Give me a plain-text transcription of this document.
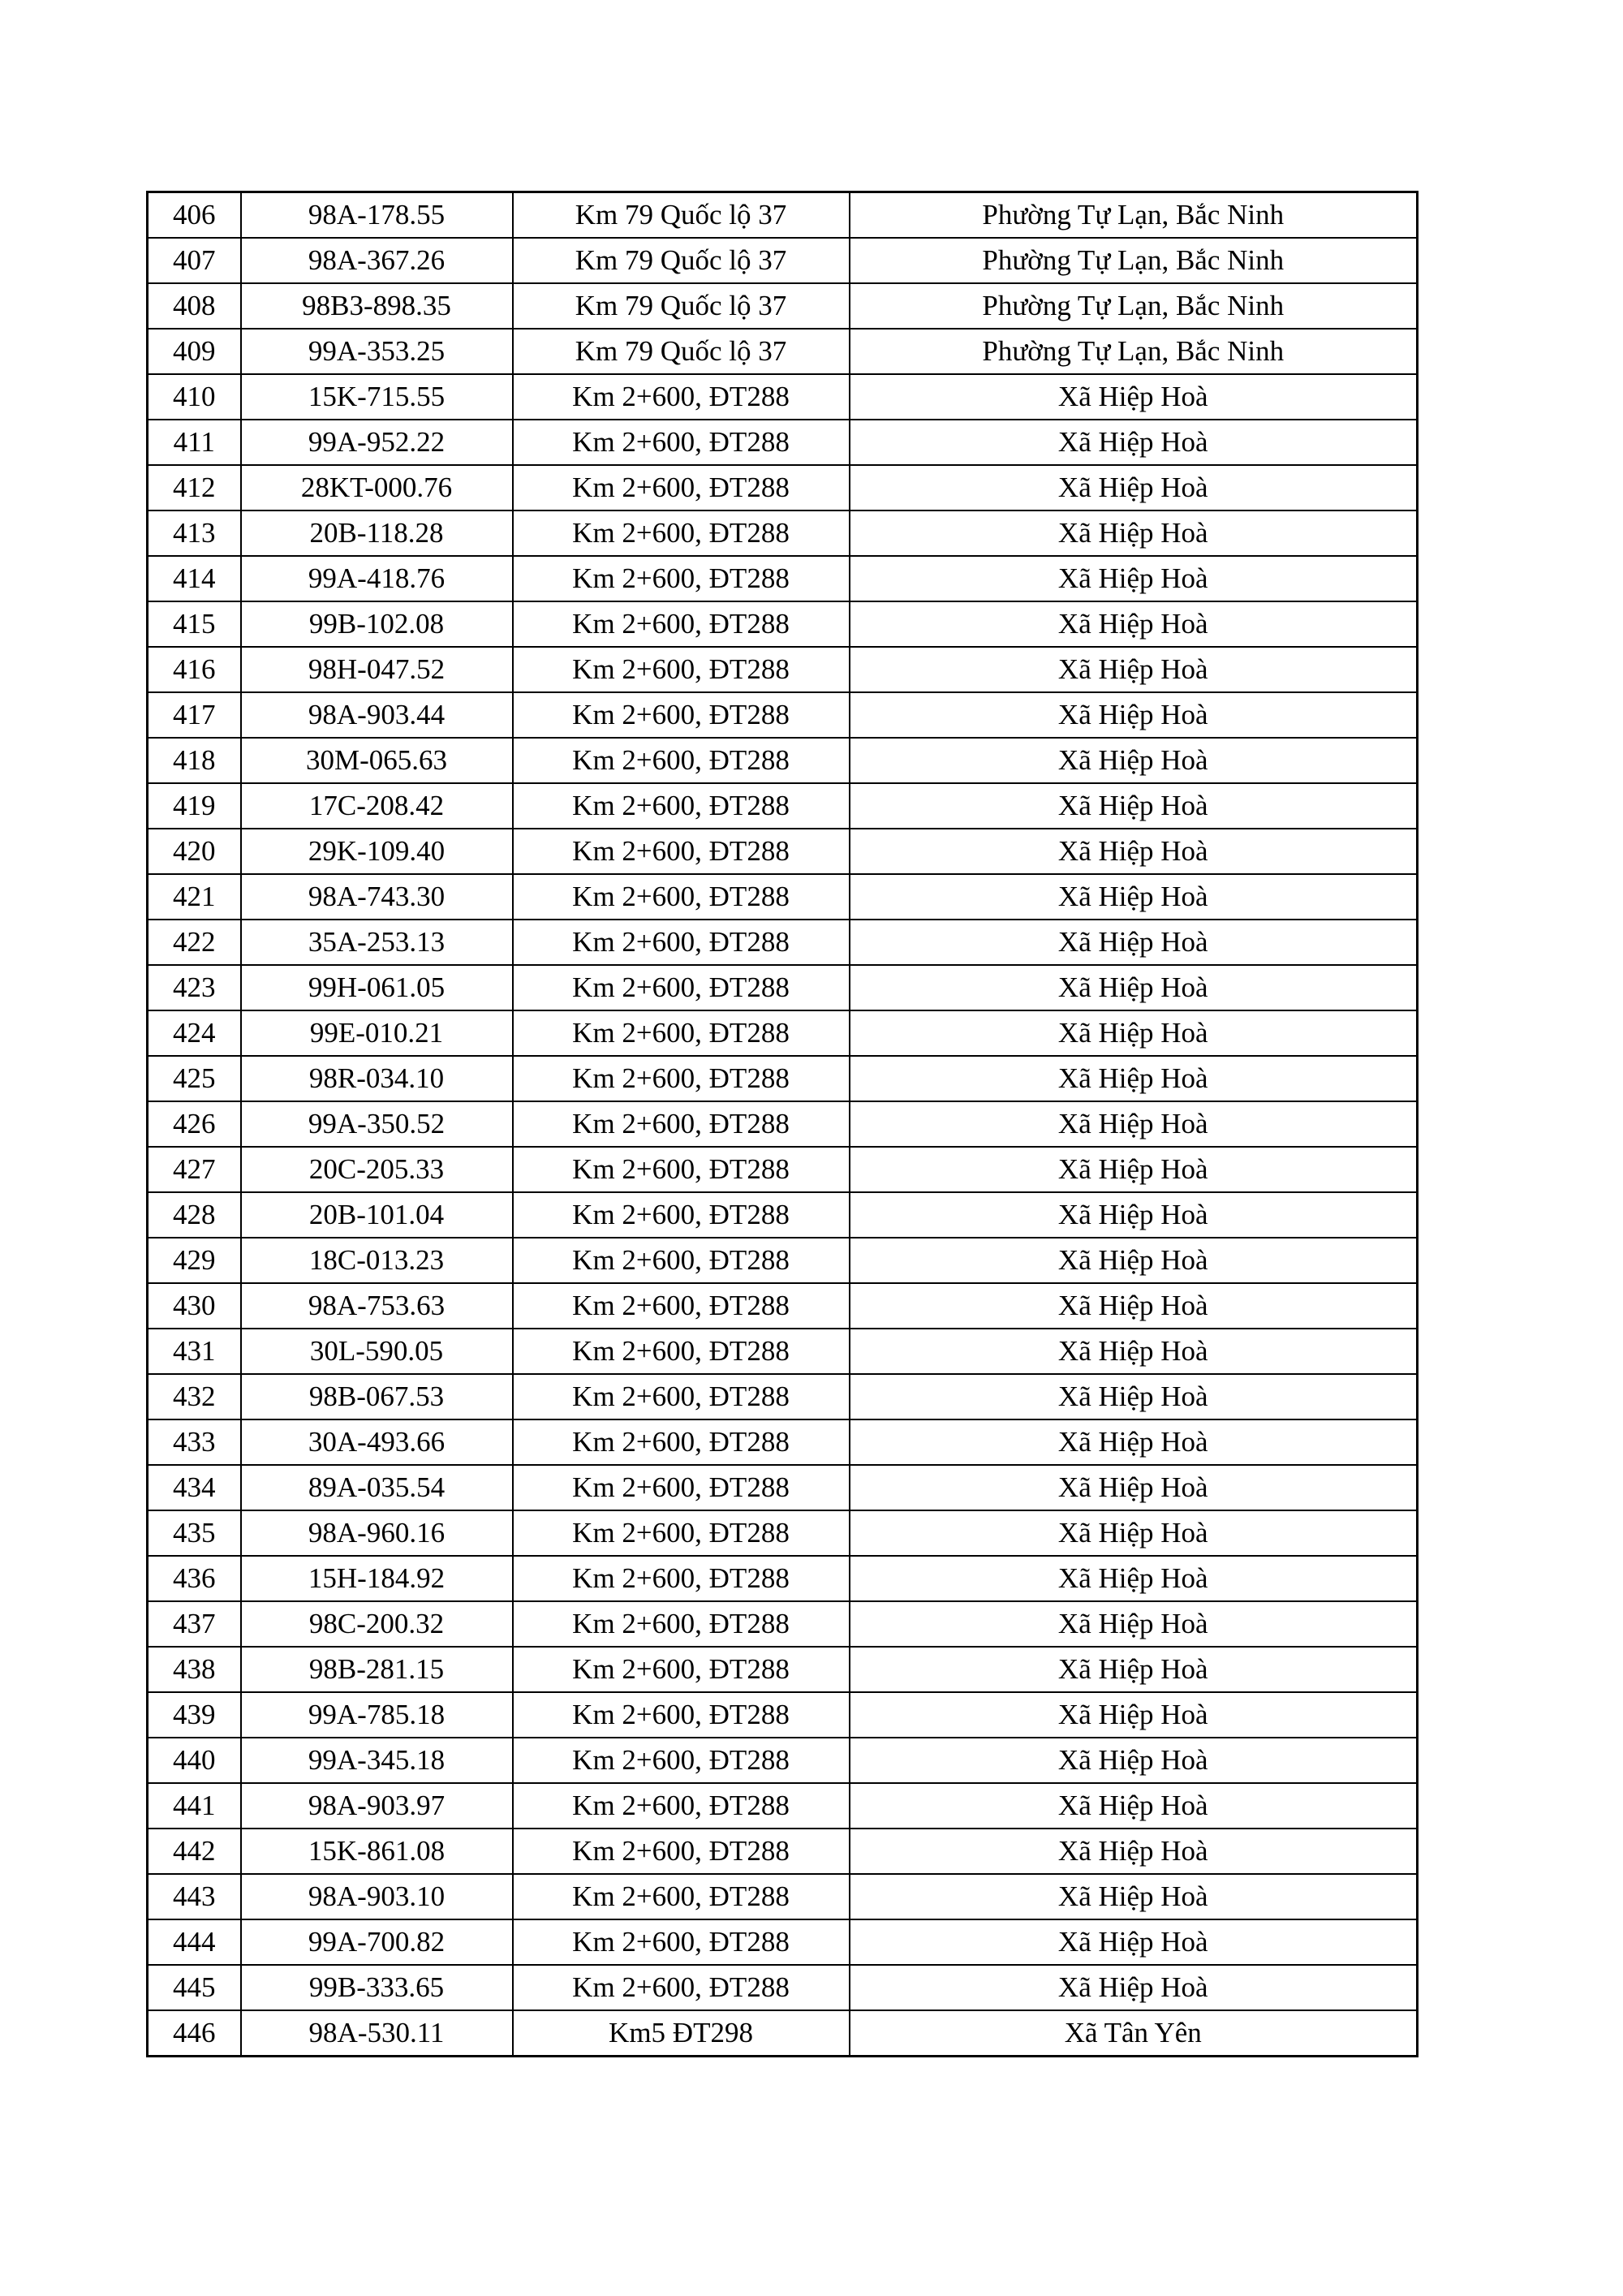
406	98A-178.55	Km 79 Quốc lộ 37	Phường Tự Lạn, Bắc Ninh
407	98A-367.26	Km 79 Quốc lộ 37	Phường Tự Lạn, Bắc Ninh
408	98B3-898.35	Km 79 Quốc lộ 37	Phường Tự Lạn, Bắc Ninh
409	99A-353.25	Km 79 Quốc lộ 37	Phường Tự Lạn, Bắc Ninh
410	15K-715.55	Km 2+600, ĐT288	Xã Hiệp Hoà
411	99A-952.22	Km 2+600, ĐT288	Xã Hiệp Hoà
412	28KT-000.76	Km 2+600, ĐT288	Xã Hiệp Hoà
413	20B-118.28	Km 2+600, ĐT288	Xã Hiệp Hoà
414	99A-418.76	Km 2+600, ĐT288	Xã Hiệp Hoà
415	99B-102.08	Km 2+600, ĐT288	Xã Hiệp Hoà
416	98H-047.52	Km 2+600, ĐT288	Xã Hiệp Hoà
417	98A-903.44	Km 2+600, ĐT288	Xã Hiệp Hoà
418	30M-065.63	Km 2+600, ĐT288	Xã Hiệp Hoà
419	17C-208.42	Km 2+600, ĐT288	Xã Hiệp Hoà
420	29K-109.40	Km 2+600, ĐT288	Xã Hiệp Hoà
421	98A-743.30	Km 2+600, ĐT288	Xã Hiệp Hoà
422	35A-253.13	Km 2+600, ĐT288	Xã Hiệp Hoà
423	99H-061.05	Km 2+600, ĐT288	Xã Hiệp Hoà
424	99E-010.21	Km 2+600, ĐT288	Xã Hiệp Hoà
425	98R-034.10	Km 2+600, ĐT288	Xã Hiệp Hoà
426	99A-350.52	Km 2+600, ĐT288	Xã Hiệp Hoà
427	20C-205.33	Km 2+600, ĐT288	Xã Hiệp Hoà
428	20B-101.04	Km 2+600, ĐT288	Xã Hiệp Hoà
429	18C-013.23	Km 2+600, ĐT288	Xã Hiệp Hoà
430	98A-753.63	Km 2+600, ĐT288	Xã Hiệp Hoà
431	30L-590.05	Km 2+600, ĐT288	Xã Hiệp Hoà
432	98B-067.53	Km 2+600, ĐT288	Xã Hiệp Hoà
433	30A-493.66	Km 2+600, ĐT288	Xã Hiệp Hoà
434	89A-035.54	Km 2+600, ĐT288	Xã Hiệp Hoà
435	98A-960.16	Km 2+600, ĐT288	Xã Hiệp Hoà
436	15H-184.92	Km 2+600, ĐT288	Xã Hiệp Hoà
437	98C-200.32	Km 2+600, ĐT288	Xã Hiệp Hoà
438	98B-281.15	Km 2+600, ĐT288	Xã Hiệp Hoà
439	99A-785.18	Km 2+600, ĐT288	Xã Hiệp Hoà
440	99A-345.18	Km 2+600, ĐT288	Xã Hiệp Hoà
441	98A-903.97	Km 2+600, ĐT288	Xã Hiệp Hoà
442	15K-861.08	Km 2+600, ĐT288	Xã Hiệp Hoà
443	98A-903.10	Km 2+600, ĐT288	Xã Hiệp Hoà
444	99A-700.82	Km 2+600, ĐT288	Xã Hiệp Hoà
445	99B-333.65	Km 2+600, ĐT288	Xã Hiệp Hoà
446	98A-530.11	Km5 ĐT298	Xã Tân Yên
